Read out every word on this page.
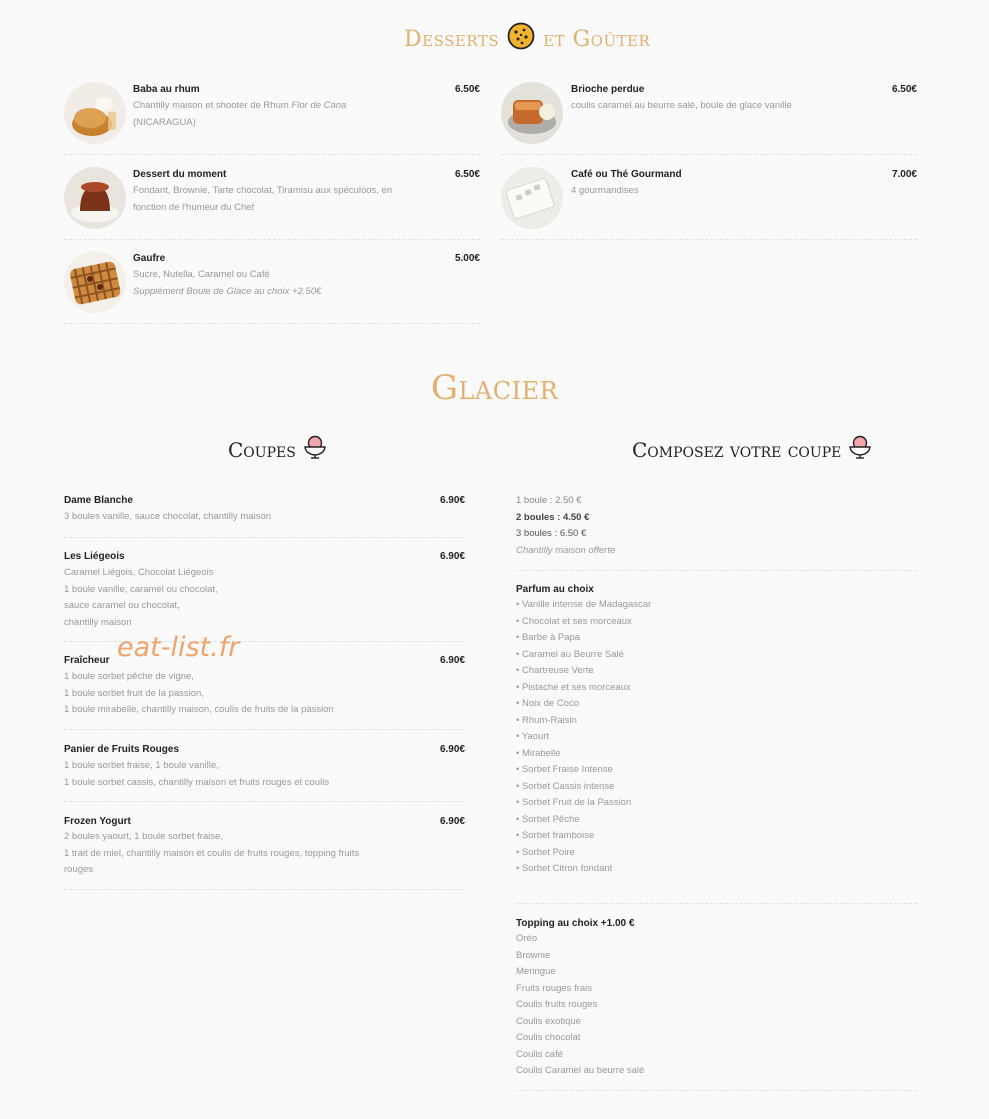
Desserts et Goûter
Baba au rhum	6.50€
Chantilly maison et shooter de Rhum Flor de Cana
(NICARAGUA)
Dessert du moment	6.50€
Fondant, Brownie, Tarte chocolat, Tiramisu aux spéculoos, en
fonction de l'humeur du Chef
Gaufre	5.00€
Sucre, Nutella, Caramel ou Café
Supplément Boule de Glace au choix +2.50€
Brioche perdue	6.50€
coulis caramel au beurre salé, boule de glace vanille
Café ou Thé Gourmand	7.00€
4 gourmandises
Glacier
Coupes	Composez votre coupe
Dame Blanche	6.90€
3 boules vanille, sauce chocolat, chantilly maison
Les Liégeois	6.90€
Caramel Liégois, Chocolat Liégeois
1 boule vanille, caramel ou chocolat,
sauce caramel ou chocolat,
chantilly maison
Fraîcheur	6.90€
1 boule sorbet pêche de vigne,
1 boule sorbet fruit de la passion,
1 boule mirabelle, chantilly maison, coulis de fruits de la passion
Panier de Fruits Rouges	6.90€
1 boule sorbet fraise, 1 boule vanille,
1 boule sorbet cassis, chantilly maison et fruits rouges et coulis
Frozen Yogurt	6.90€
2 boules yaourt, 1 boule sorbet fraise,
1 trait de miel, chantilly maison et coulis de fruits rouges, topping fruits
rouges
eat-list.fr
1 boule : 2.50 €
2 boules : 4.50 €
3 boules : 6.50 €
Chantilly maison offerte
Parfum au choix
• Vanille intense de Madagascar
• Chocolat et ses morceaux
• Barbe à Papa
• Caramel au Beurre Salé
• Chartreuse Verte
• Pistache et ses morceaux
• Noix de Coco
• Rhum-Raisin
• Yaourt
• Mirabelle
• Sorbet Fraise Intense
• Sorbet Cassis intense
• Sorbet Fruit de la Passion
• Sorbet Pêche
• Sorbet framboise
• Sorbet Poire
• Sorbet Citron fondant
Topping au choix +1.00 €
Oréo
Brownie
Meringue
Fruits rouges frais
Coulis fruits rouges
Coulis exotique
Coulis chocolat
Coulis café
Coulis Caramel au beurre salé
